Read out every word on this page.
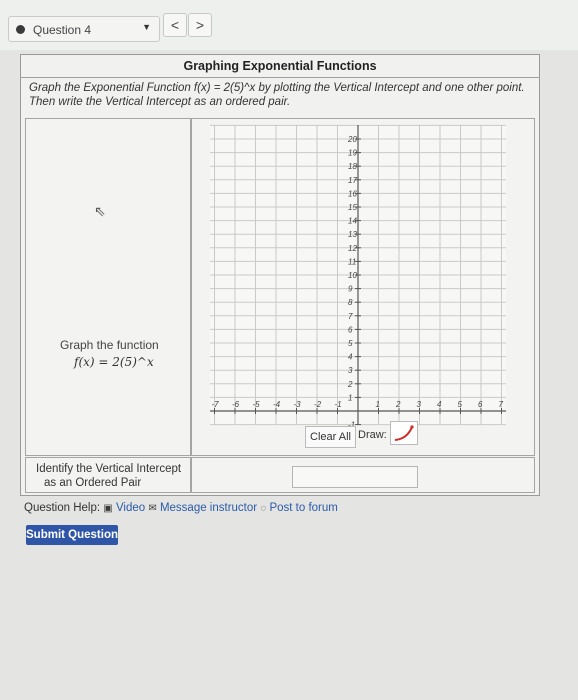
Question 4	▼	<	>
Graphing Exponential Functions
Graph the Exponential Function f(x) = 2(5)^x by plotting the Vertical Intercept and one other point. Then write the Vertical Intercept as an ordered pair.
⇖
Graph the function
f(x) = 2(5)^x
-7 -6 -5 -4 -3 -2 -1	1 2 3 4 5 6 7
20
19
18
17
16
15
14
13
12
11
10
9
8
7
6
5
4
3
2
1
Clear All Draw:
Identify the Vertical Intercept
as an Ordered Pair
Question Help: ▣ Video ✉ Message instructor ◌ Post to forum
Submit Question
